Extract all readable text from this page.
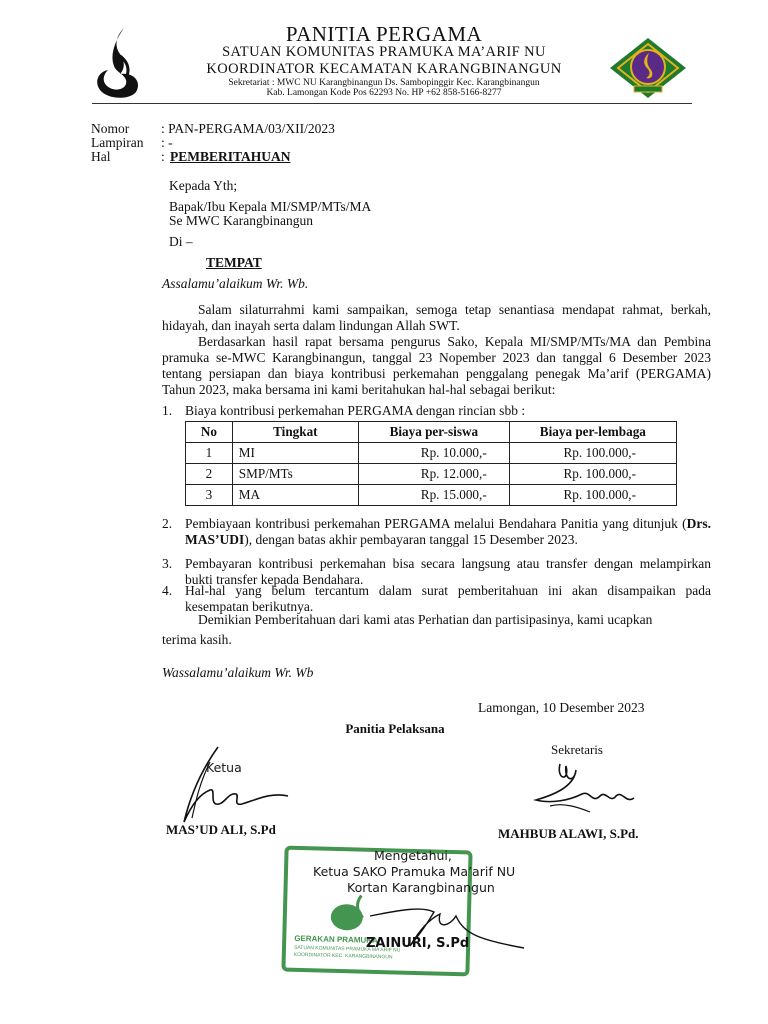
PANITIA PERGAMA
SATUAN KOMUNITAS PRAMUKA MA’ARIF NU
KOORDINATOR KECAMATAN KARANGBINANGUN
Sekretariat : MWC NU Karangbinangun Ds. Sambopinggir Kec. Karangbinangun
Kab. Lamongan Kode Pos 62293 No. HP +62 858-5166-8277
Nomor : PAN-PERGAMA/03/XII/2023
Lampiran : -
Hal	: PEMBERITAHUAN
Kepada Yth;
Bapak/Ibu Kepala MI/SMP/MTs/MA
Se MWC Karangbinangun
Di –
TEMPAT
Assalamu’alaikum Wr. Wb.
Salam silaturrahmi kami sampaikan, semoga tetap senantiasa mendapat rahmat, berkah, hidayah, dan inayah serta dalam lindungan Allah SWT.
Berdasarkan hasil rapat bersama pengurus Sako, Kepala MI/SMP/MTs/MA dan Pembina pramuka se-MWC Karangbinangun, tanggal 23 Nopember 2023 dan tanggal 6 Desember 2023 tentang persiapan dan biaya kontribusi perkemahan penggalang penegak Ma’arif (PERGAMA) Tahun 2023, maka bersama ini kami beritahukan hal-hal sebagai berikut:
1. Biaya kontribusi perkemahan PERGAMA dengan rincian sbb :
No	Tingkat	Biaya per-siswa	Biaya per-lembaga
1	MI	Rp. 10.000,-	Rp. 100.000,-
2	SMP/MTs	Rp. 12.000,-	Rp. 100.000,-
3	MA	Rp. 15.000,-	Rp. 100.000,-
2. Pembiayaan kontribusi perkemahan PERGAMA melalui Bendahara Panitia yang ditunjuk (Drs. MAS’UDI), dengan batas akhir pembayaran tanggal 15 Desember 2023.
3. Pembayaran kontribusi perkemahan bisa secara langsung atau transfer dengan melampirkan bukti transfer kepada Bendahara.
4. Hal-hal yang belum tercantum dalam surat pemberitahuan ini akan disampaikan pada kesempatan berikutnya.
Demikian Pemberitahuan dari kami atas Perhatian dan partisipasinya, kami ucapkan
terima kasih.
Wassalamu’alaikum Wr. Wb
Lamongan, 10 Desember 2023
Panitia Pelaksana
Sekretaris
Ketua
MAS’UD ALI, S.Pd	MAHBUB ALAWI, S.Pd.
GERAKAN PRAMUKA
SATUAN KOMUNITAS PRAMUKA MA'ARIF NU
KOORDINATOR KEC. KARANGBINANGUN
Mengetahui,
Ketua SAKO Pramuka Ma’arif NU
Kortan Karangbinangun
ZAINURI, S.Pd
